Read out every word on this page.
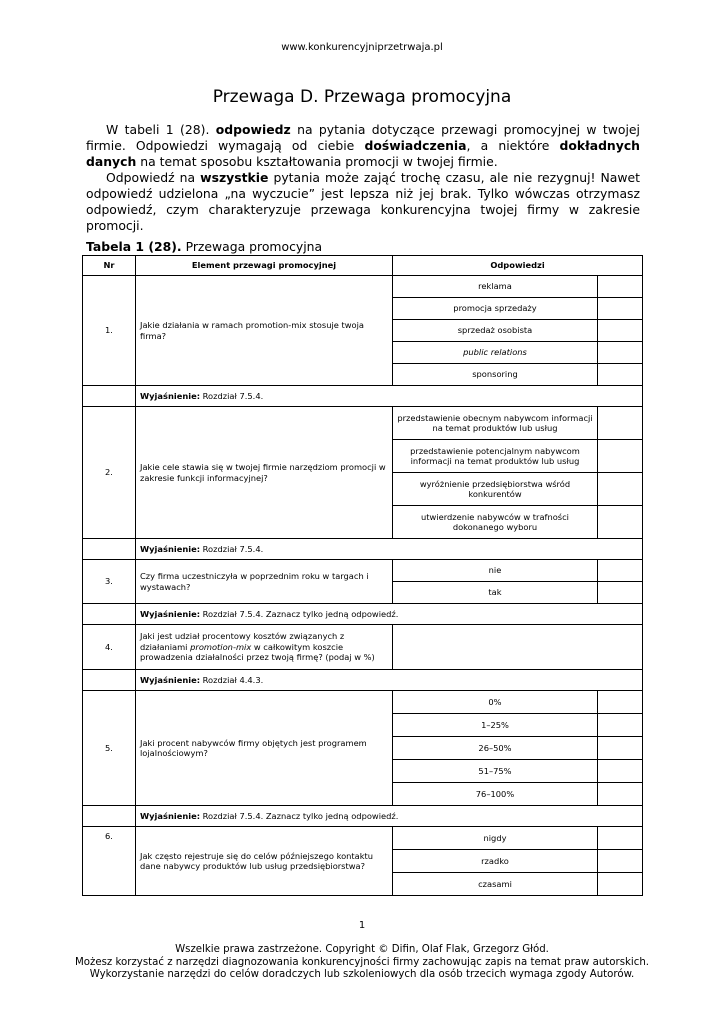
www.konkurencyjniprzetrwaja.pl
Przewaga D. Przewaga promocyjna

W tabeli 1 (28). odpowiedz na pytania dotyczące przewagi promocyjnej w twojej firmie. Odpowiedzi wymagają od ciebie doświadczenia, a niektóre dokładnych danych na temat sposobu kształtowania promocji w twojej firmie.

Odpowiedź na wszystkie pytania może zająć trochę czasu, ale nie rezygnuj! Nawet odpowiedź udzielona „na wyczucie” jest lepsza niż jej brak. Tylko wówczas otrzymasz odpowiedź, czym charakteryzuje przewaga konkurencyjna twojej firmy w zakresie promocji.

Tabela 1 (28). Przewaga promocyjna
Nr	Element przewagi promocyjnej	Odpowiedzi	
1.	Jakie działania w ramach promotion-mix stosuje twoja firma?	reklama	
		promocja sprzedaży	
		sprzedaż osobista	
		public relations	
		sponsoring	
	Wyjaśnienie: Rozdział 7.5.4.		
2.	Jakie cele stawia się w twojej firmie narzędziom promocji w zakresie funkcji informacyjnej?	przedstawienie obecnym nabywcom informacji na temat produktów lub usług	
		przedstawienie potencjalnym nabywcom informacji na temat produktów lub usług	
		wyróżnienie przedsiębiorstwa wśród konkurentów	
		utwierdzenie nabywców w trafności dokonanego wyboru	
	Wyjaśnienie: Rozdział 7.5.4.		
3.	Czy firma uczestniczyła w poprzednim roku w targach i wystawach?	nie	
		tak	
	Wyjaśnienie: Rozdział 7.5.4. Zaznacz tylko jedną odpowiedź.		
4.	Jaki jest udział procentowy kosztów związanych z działaniami promotion-mix w całkowitym koszcie prowadzenia działalności przez twoją firmę? (podaj w %)		
	Wyjaśnienie: Rozdział 4.4.3.		
5.	Jaki procent nabywców firmy objętych jest programem lojalnościowym?	0%	
		1–25%	
		26–50%	
		51–75%	
		76–100%	
	Wyjaśnienie: Rozdział 7.5.4. Zaznacz tylko jedną odpowiedź.		
6.	Jak często rejestruje się do celów późniejszego kontaktu dane nabywcy produktów lub usług przedsiębiorstwa?	nigdy	
		rzadko	
		czasami	
1
Wszelkie prawa zastrzeżone. Copyright © Difin, Olaf Flak, Grzegorz Głód.
Możesz korzystać z narzędzi diagnozowania konkurencyjności firmy zachowując zapis na temat praw autorskich.
Wykorzystanie narzędzi do celów doradczych lub szkoleniowych dla osób trzecich wymaga zgody Autorów.
